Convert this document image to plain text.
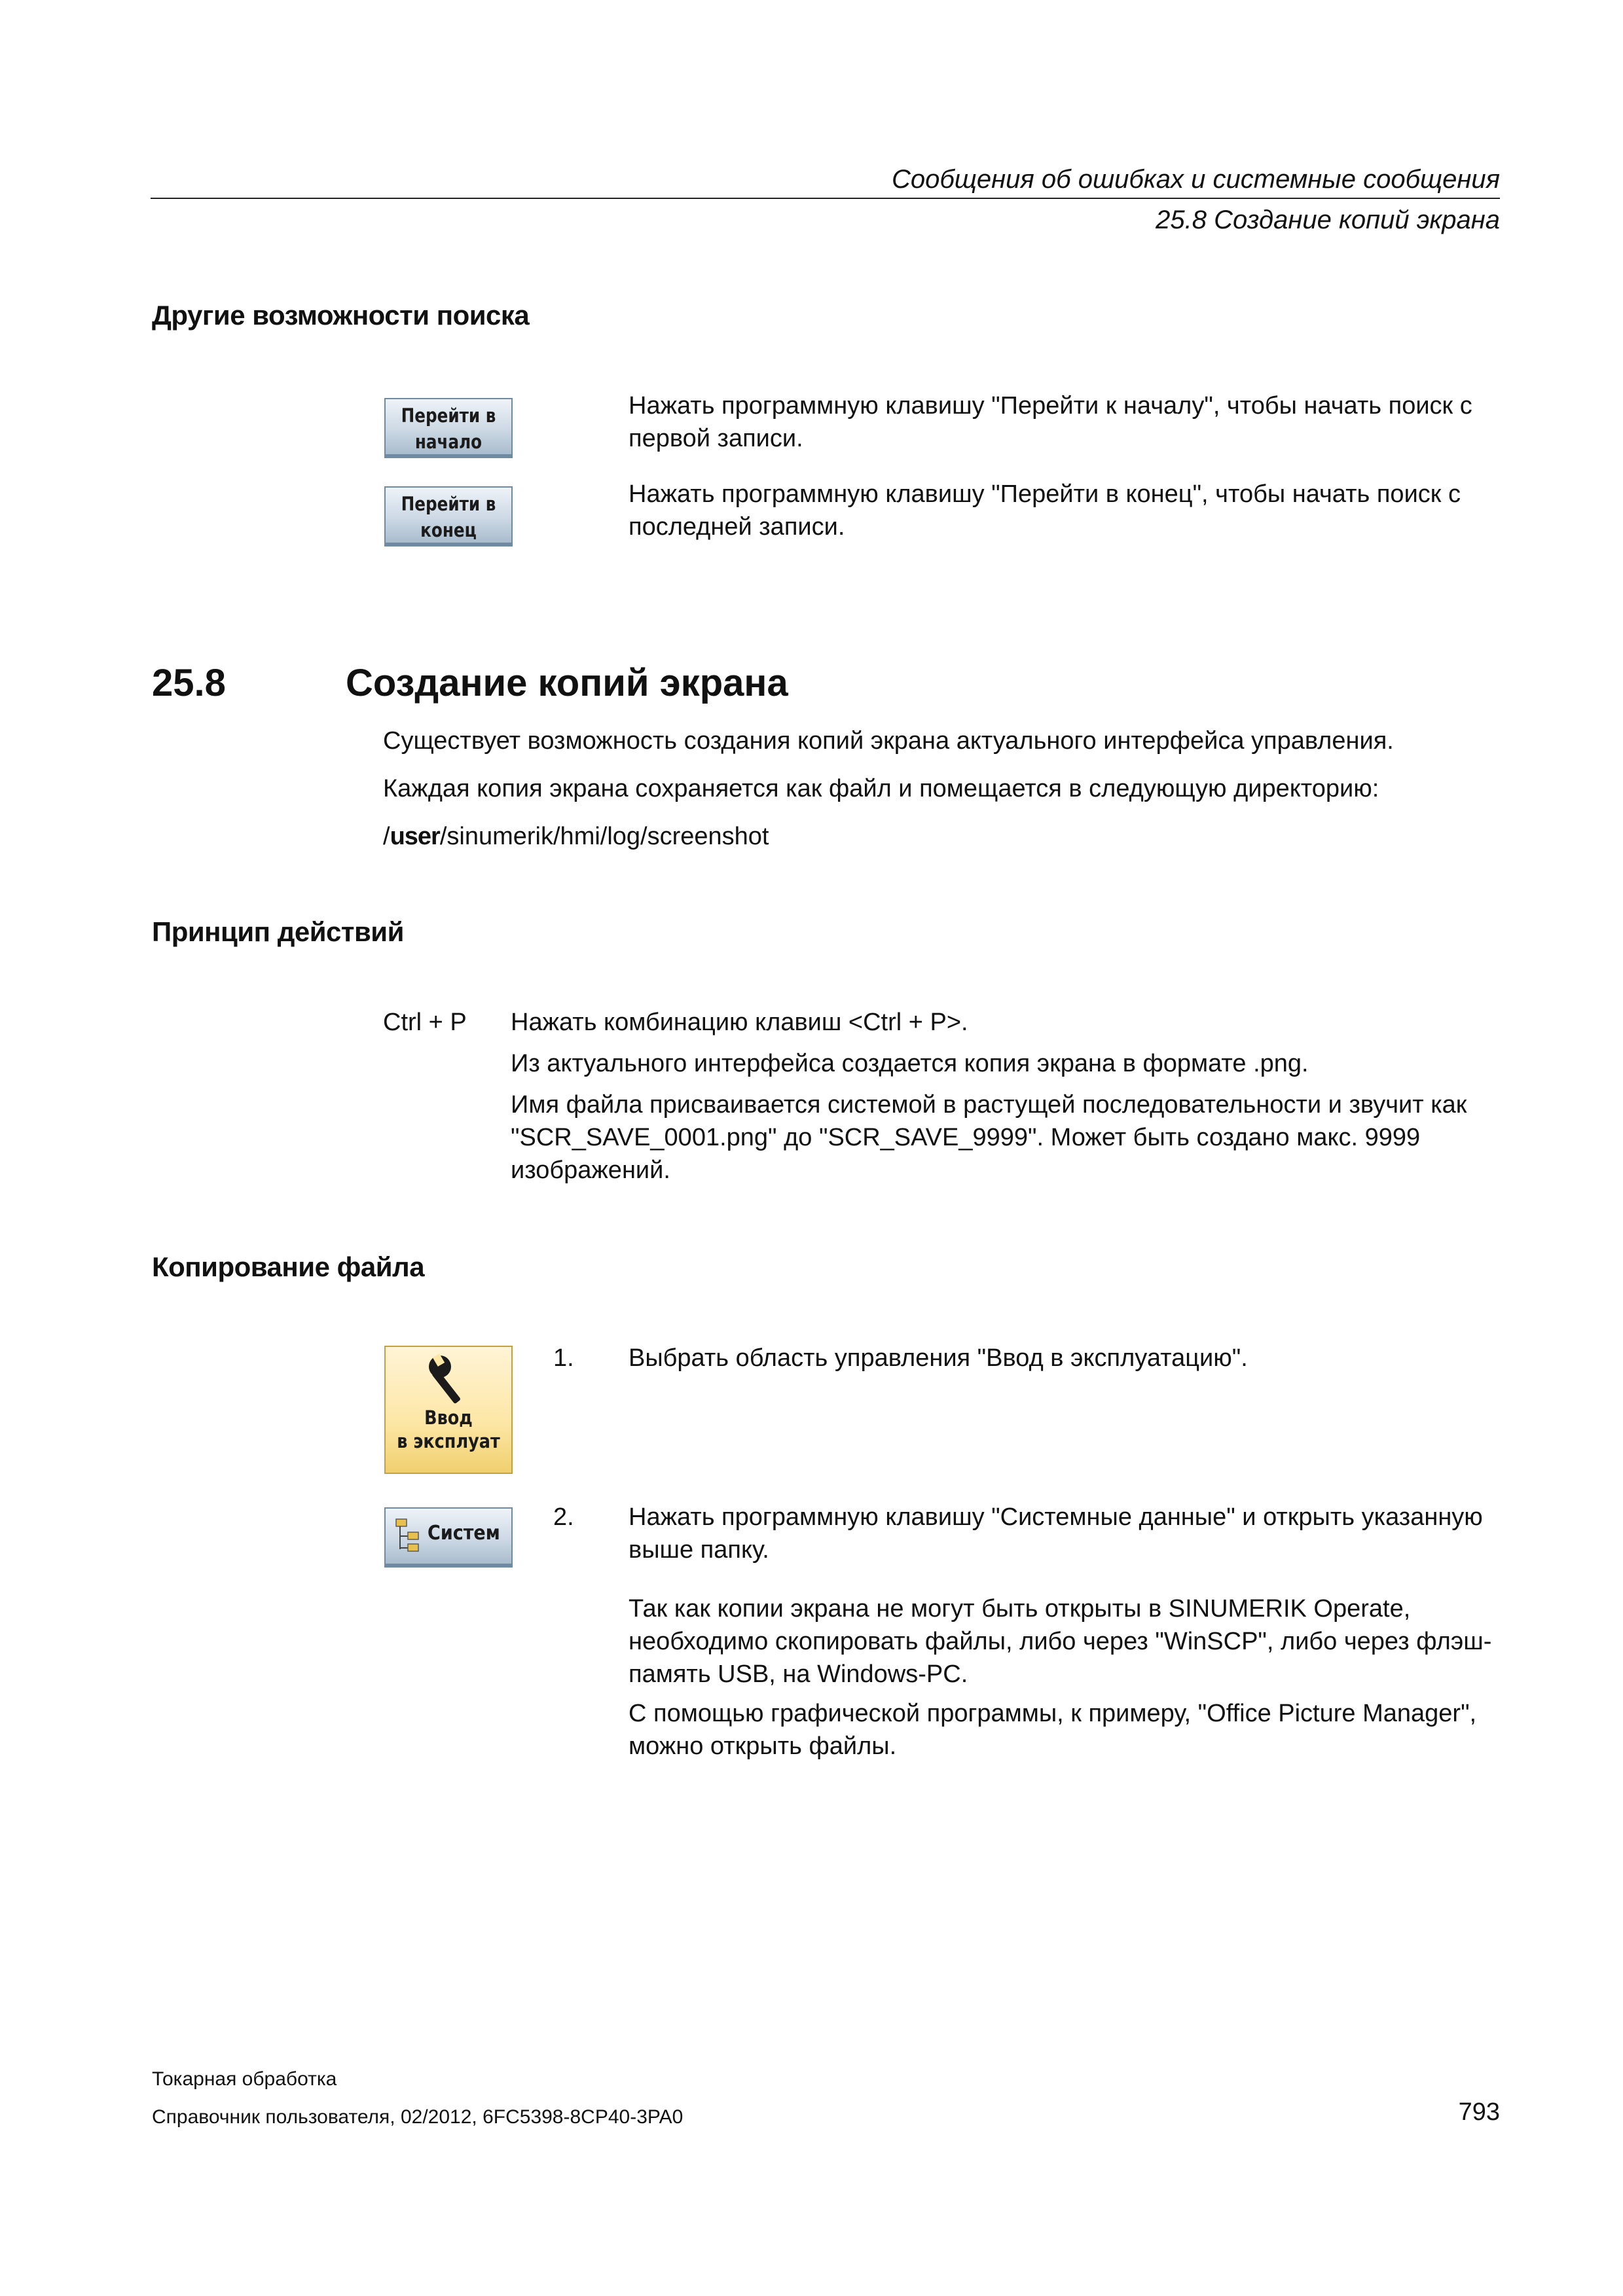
Сообщения об ошибках и системные сообщения
25.8 Создание копий экрана
Другие возможности поиска
Перейти в
начало
Нажать программную клавишу "Перейти к началу", чтобы начать поиск с первой записи.
Перейти в
конец
Нажать программную клавишу "Перейти в конец", чтобы начать поиск с последней записи.
25.8	Создание копий экрана
Существует возможность создания копий экрана актуального интерфейса управления.
Каждая копия экрана сохраняется как файл и помещается в следующую директорию:
/user/sinumerik/hmi/log/screenshot
Принцип действий
Ctrl + P Нажать комбинацию клавиш <Ctrl + P>.
Из актуального интерфейса создается копия экрана в формате .png.
Имя файла присваивается системой в растущей последовательности и звучит как "SCR_SAVE_0001.png" до "SCR_SAVE_9999". Может быть создано макс. 9999 изображений.
Копирование файла
Ввод
в эксплуат
1. Выбрать область управления "Ввод в эксплуатацию".
Систем
2. Нажать программную клавишу "Системные данные" и открыть указанную выше папку.
Так как копии экрана не могут быть открыты в SINUMERIK Operate, необходимо скопировать файлы, либо через "WinSCP", либо через флэш-память USB, на Windows-PC.
С помощью графической программы, к примеру, "Office Picture Manager", можно открыть файлы.
Токарная обработка
Справочник пользователя, 02/2012, 6FC5398-8CP40-3PA0	793
